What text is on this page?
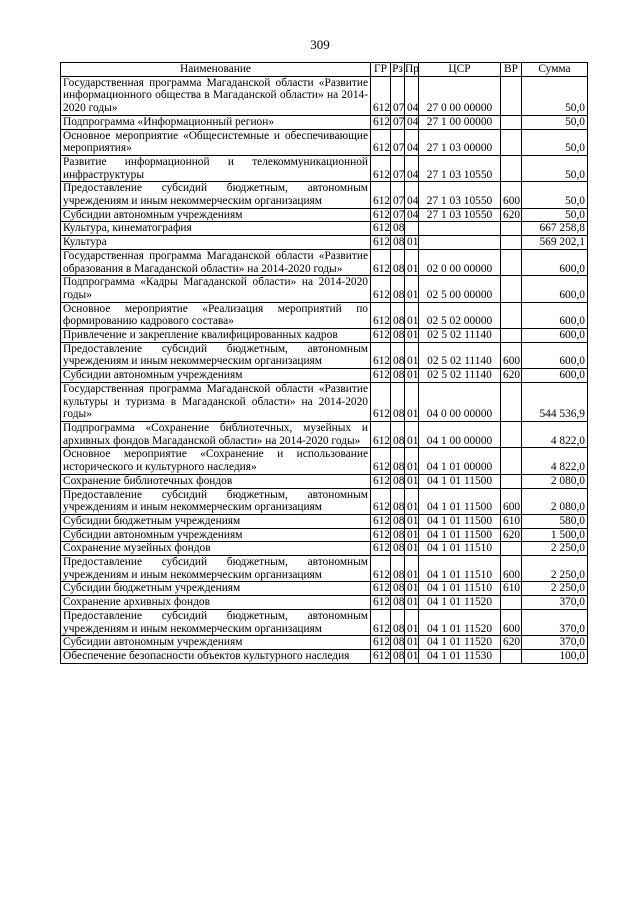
309
Наименование	ГР	Рз	Пр	ЦСР	ВР	Сумма
Государственная программа Магаданской области «Развитие информационного общества в Магаданской области» на 2014-2020 годы»	612	07	04	27 0 00 00000		50,0
Подпрограмма «Информационный регион»	612	07	04	27 1 00 00000		50,0
Основное мероприятие «Общесистемные и обеспечивающие мероприятия»	612	07	04	27 1 03 00000		50,0
Развитие информационной и телекоммуникационной инфраструктуры	612	07	04	27 1 03 10550		50,0
Предоставление субсидий бюджетным, автономным учреждениям и иным некоммерческим организациям	612	07	04	27 1 03 10550	600	50,0
Субсидии автономным учреждениям	612	07	04	27 1 03 10550	620	50,0
Культура, кинематография	612	08				667 258,8
Культура	612	08	01			569 202,1
Государственная программа Магаданской области «Развитие образования в Магаданской области» на 2014-2020 годы»	612	08	01	02 0 00 00000		600,0
Подпрограмма «Кадры Магаданской области» на 2014-2020 годы»	612	08	01	02 5 00 00000		600,0
Основное мероприятие «Реализация мероприятий по формированию кадрового состава»	612	08	01	02 5 02 00000		600,0
Привлечение и закрепление квалифицированных кадров	612	08	01	02 5 02 11140		600,0
Предоставление субсидий бюджетным, автономным учреждениям и иным некоммерческим организациям	612	08	01	02 5 02 11140	600	600,0
Субсидии автономным учреждениям	612	08	01	02 5 02 11140	620	600,0
Государственная программа Магаданской области «Развитие культуры и туризма в Магаданской области» на 2014-2020 годы»	612	08	01	04 0 00 00000		544 536,9
Подпрограмма «Сохранение библиотечных, музейных и архивных фондов Магаданской области» на 2014-2020 годы»	612	08	01	04 1 00 00000		4 822,0
Основное мероприятие «Сохранение и использование исторического и культурного наследия»	612	08	01	04 1 01 00000		4 822,0
Сохранение библиотечных фондов	612	08	01	04 1 01 11500		2 080,0
Предоставление субсидий бюджетным, автономным учреждениям и иным некоммерческим организациям	612	08	01	04 1 01 11500	600	2 080,0
Субсидии бюджетным учреждениям	612	08	01	04 1 01 11500	610	580,0
Субсидии автономным учреждениям	612	08	01	04 1 01 11500	620	1 500,0
Сохранение музейных фондов	612	08	01	04 1 01 11510		2 250,0
Предоставление субсидий бюджетным, автономным учреждениям и иным некоммерческим организациям	612	08	01	04 1 01 11510	600	2 250,0
Субсидии бюджетным учреждениям	612	08	01	04 1 01 11510	610	2 250,0
Сохранение архивных фондов	612	08	01	04 1 01 11520		370,0
Предоставление субсидий бюджетным, автономным учреждениям и иным некоммерческим организациям	612	08	01	04 1 01 11520	600	370,0
Субсидии автономным учреждениям	612	08	01	04 1 01 11520	620	370,0
Обеспечение безопасности объектов культурного наследия	612	08	01	04 1 01 11530		100,0
